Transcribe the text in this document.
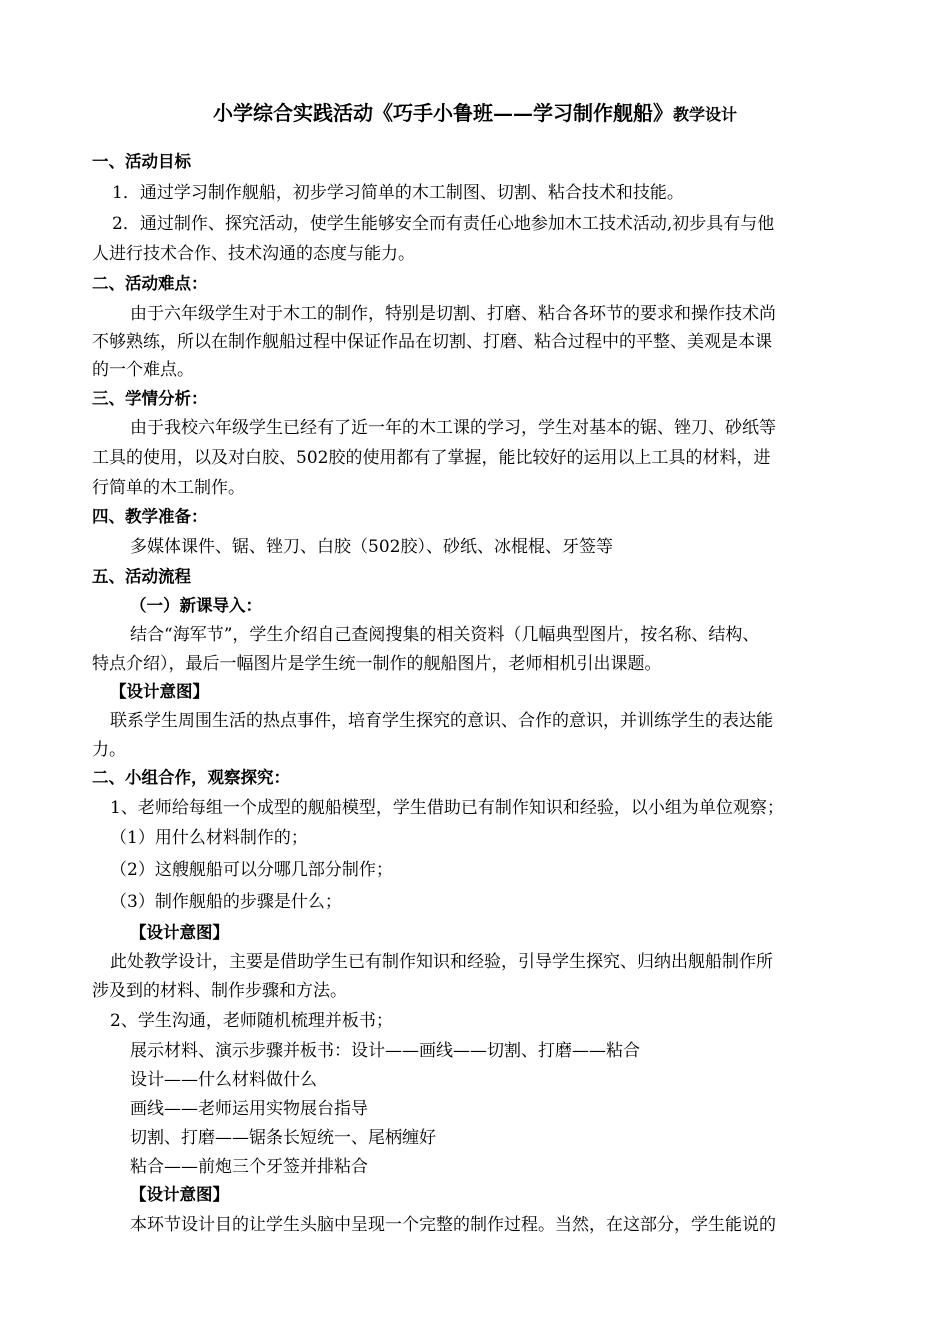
小学综合实践活动《巧手小鲁班——学习制作舰船》教学设计
一、活动目标
1．通过学习制作舰船，初步学习简单的木工制图、切割、粘合技术和技能。
2．通过制作、探究活动，使学生能够安全而有责任心地参加木工技术活动,初步具有与他
人进行技术合作、技术沟通的态度与能力。
二、活动难点：
由于六年级学生对于木工的制作，特别是切割、打磨、粘合各环节的要求和操作技术尚
不够熟练，所以在制作舰船过程中保证作品在切割、打磨、粘合过程中的平整、美观是本课
的一个难点。
三、学情分析：
由于我校六年级学生已经有了近一年的木工课的学习，学生对基本的锯、锉刀、砂纸等
工具的使用，以及对白胶、502胶的使用都有了掌握，能比较好的运用以上工具的材料，进
行简单的木工制作。
四、教学准备：
多媒体课件、锯、锉刀、白胶（502胶）、砂纸、冰棍棍、牙签等
五、活动流程
（一）新课导入：
结合“海军节”，学生介绍自己查阅搜集的相关资料（几幅典型图片，按名称、结构、
特点介绍），最后一幅图片是学生统一制作的舰船图片，老师相机引出课题。
【设计意图】
联系学生周围生活的热点事件，培育学生探究的意识、合作的意识，并训练学生的表达能
力。
二、小组合作，观察探究：
1、老师给每组一个成型的舰船模型，学生借助已有制作知识和经验，以小组为单位观察；
（1）用什么材料制作的；
（2）这艘舰船可以分哪几部分制作；
（3）制作舰船的步骤是什么；
【设计意图】
此处教学设计，主要是借助学生已有制作知识和经验，引导学生探究、归纳出舰船制作所
涉及到的材料、制作步骤和方法。
2、学生沟通，老师随机梳理并板书；
展示材料、演示步骤并板书：设计——画线——切割、打磨——粘合
设计——什么材料做什么
画线——老师运用实物展台指导
切割、打磨——锯条长短统一、尾柄缠好
粘合——前炮三个牙签并排粘合
【设计意图】
本环节设计目的让学生头脑中呈现一个完整的制作过程。当然，在这部分，学生能说的
